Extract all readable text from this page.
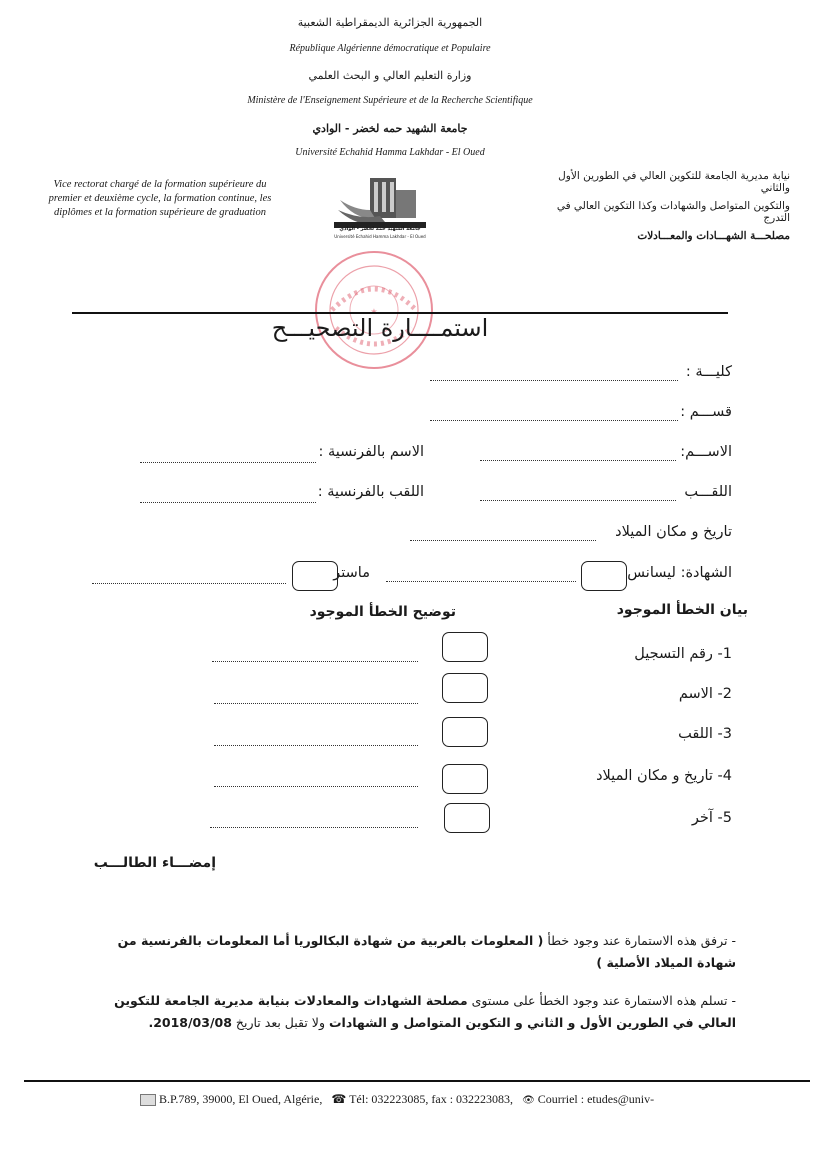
الجمهورية الجزائرية الديمقراطية الشعبية
République Algérienne démocratique et Populaire
وزارة التعليم العالي و البحث العلمي
Ministère de l'Enseignement Supérieure et de la Recherche Scientifique
جامعة الشهيد حمه لخضر - الوادي
Université Echahid Hamma Lakhdar - El Oued
Vice rectorat chargé de la formation supérieure du premier et deuxième cycle, la formation continue, les diplômes et la formation supérieure de graduation
نيابة مديرية الجامعة للتكوين العالي في الطورين الأول والثاني
والتكوين المتواصل والشهادات وكذا التكوين العالي في التدرج
مصلحـــة الشهـــادات والمعـــادلات
جامعة الشهيد حمه لخضر - الوادي
Université Echahid Hamma Lakhdar - El Oued
استمــــارة التصحيـــح
كليـــة :
قســـم :
الاســـم:
الاسم بالفرنسية :
اللقـــب
اللقب بالفرنسية :
تاريخ و مكان الميلاد
الشهادة: ليسانس
ماستر
بيان الخطأ الموجود
توضيح الخطأ الموجود
1- رقم التسجيل
2- الاسم
3- اللقب
4- تاريخ و مكان الميلاد
5- آخر
إمضـــاء الطالـــب
- ترفق هذه الاستمارة عند وجود خطأ ( المعلومات بالعربية من شهادة البكالوريا أما المعلومات بالفرنسية من شهادة الميلاد الأصلية )
- تسلم هذه الاستمارة عند وجود الخطأ على مستوى مصلحة الشهادات والمعادلات بنيابة مديرية الجامعة للتكوين العالي في الطورين الأول و الثاني و التكوين المتواصل و الشهادات ولا تقبل بعد تاريخ 2018/03/08.
B.P.789, 39000, El Oued, Algérie, ☎ Tél: 032223085, fax : 032223083, 👁 Courriel : etudes@univ-
